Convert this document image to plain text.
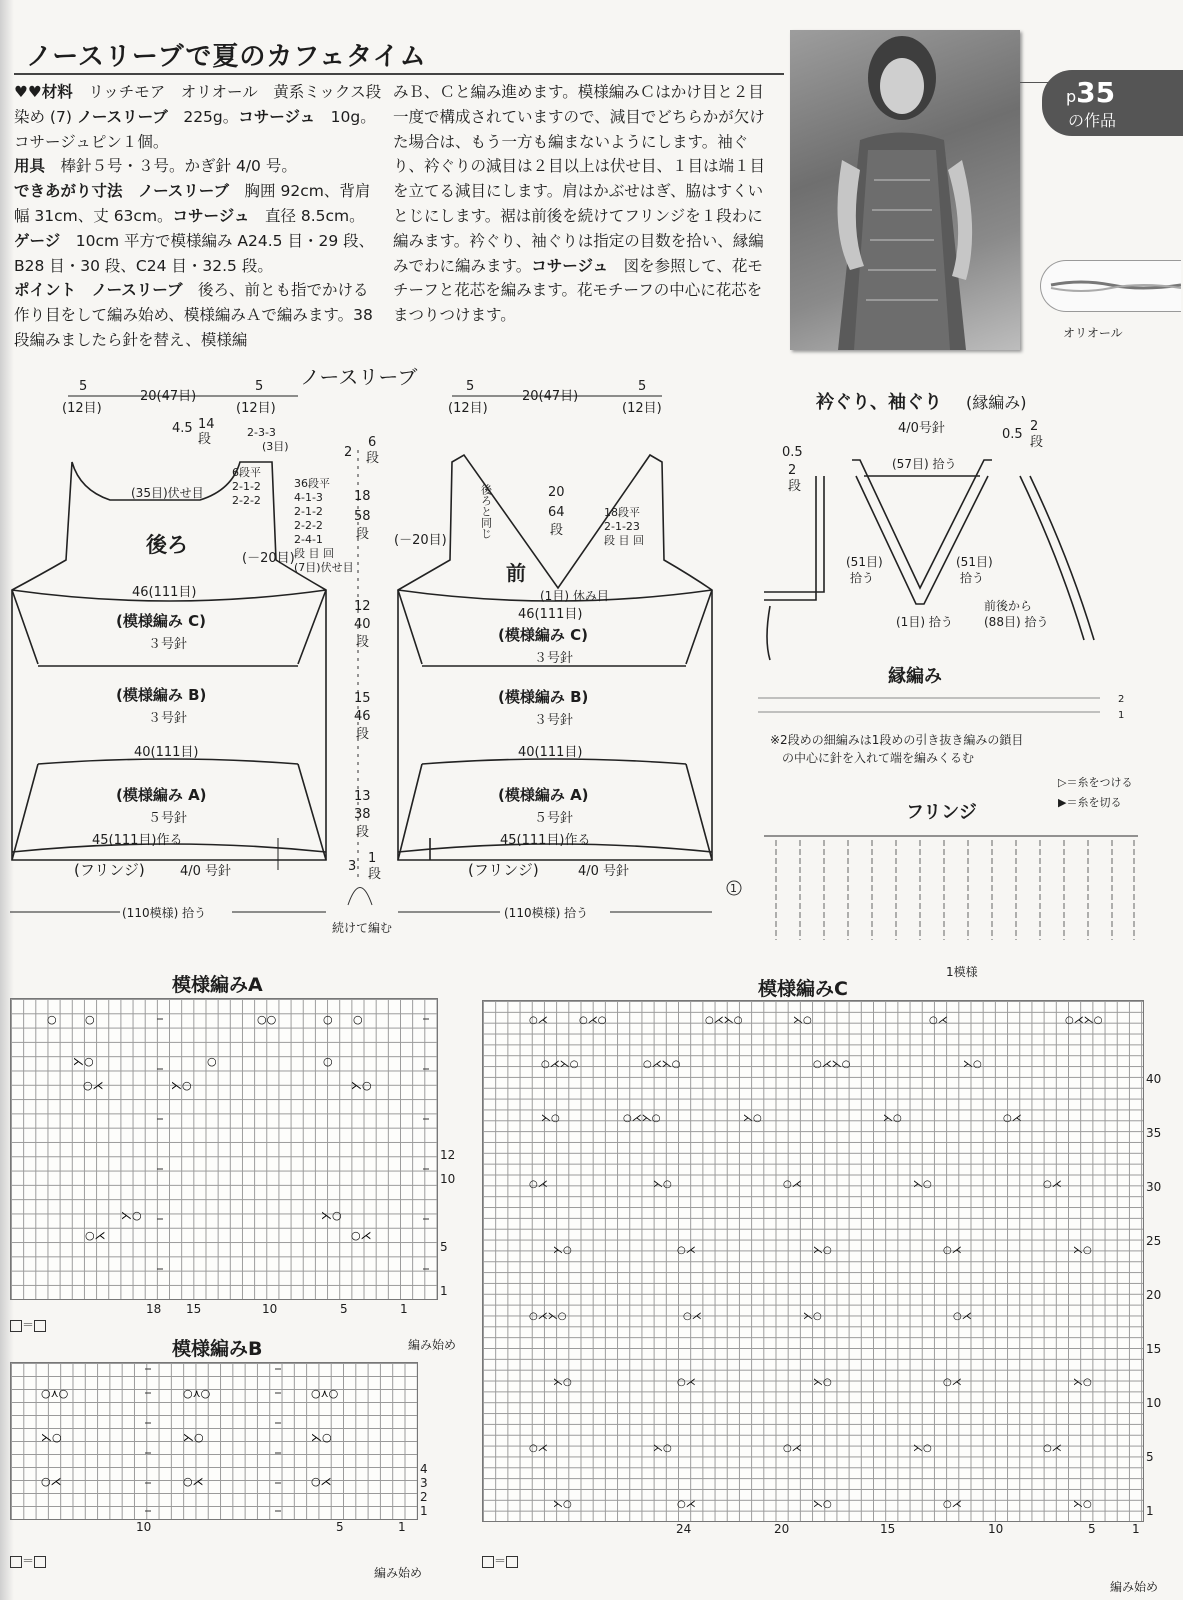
ノースリーブで夏のカフェタイム

♥♥材料　 リッチモア　オリオール　黄系ミックス段染め (7) ノースリーブ　 225g。コサージュ　 10g。コサージュピン１個。

用具　 棒針５号・３号。かぎ針 4/0 号。

できあがり寸法　 ノースリーブ　 胸囲 92cm、背肩幅 31cm、丈 63cm。コサージュ　 直径 8.5cm。

ゲージ　 10cm 平方で模様編み A24.5 目・29 段、B28 目・30 段、C24 目・32.5 段。

ポイント　 ノースリーブ　 後ろ、前とも指でかける作り目をして編み始め、模様編みＡで編みます。38 段編みましたら針を替え、模様編

みＢ、Ｃと編み進めます。模様編みＣはかけ目と２目一度で構成されていますので、減目でどちらかが欠けた場合は、もう一方も編まないようにします。袖ぐり、衿ぐりの減目は２目以上は伏せ目、１目は端１目を立てる減目にします。肩はかぶせはぎ、脇はすくいとじにします。裾は前後を続けてフリンジを１段わに編みます。衿ぐり、袖ぐりは指定の目数を拾い、縁編みでわに編みます。コサージュ　 図を参照して、花モチーフと花芯を編みます。花モチーフの中心に花芯をまつりつけます。

p35
の作品
オリオール
ノースリーブ
5
(12目)
20(47目)
5
(12目)
4.5 14
段	2-3-3
(3目)
(35目)伏せ目
6段平
2-1-2
2-2-2
36段平
4-1-3
2-1-2
2-2-2
2-4-1
段 目 回
(7目)伏せ目
後ろ
(－20目)
46(111目)
(模様編み C)
３号針
(模様編み B)
３号針
40(111目)
(模様編み A)
５号針
45(111目)作る
(フリンジ)	4/0 号針
(110模様) 拾う
2
6
段
18
58
段
12
40
段
15
46
段
13
38
段
3
1
段
続けて編む
5
(12目)
20(47目)
5
(12目)
20
64
段
後ろと同じ	18段平
2-1-23
段 目 回
(－20目)
前
(1目) 休み目
46(111目)
(模様編み C)
３号針
(模様編み B)
３号針
40(111目)
(模様編み A)
５号針
45(111目)作る
(フリンジ)	4/0 号針
(110模様) 拾う
衿ぐり、袖ぐり (縁編み)
4/0号針
0.5
2
段
0.5
2
段
(57目) 拾う
(51目)
拾う
(51目)
拾う
(1目) 拾う
前後から
(88目) 拾う
縁編み
2
1
※2段めの細編みは1段めの引き抜き編みの鎖目
の中心に針を入れて端を編みくるむ
▷＝糸をつける
▶＝糸を切る
フリンジ
1
1模様
模様編みA
○	○	○○	○ ○
⋋○	○	○
○⋌	⋋○	⋋○
⋋○	⋋○
○⋌	○⋌
18 15	10	5	1
12
10
5
1
＝
編み始め
模様編みB
○⋏○	○⋏○	○⋏○
⋋○	⋋○	⋋○
○⋌	○⋌	○⋌
10	5	1
4
3
2
1
＝
編み始め
模様編みC
○⋌	○⋌○	○⋌⋋○	⋋○	○⋌	○⋌⋋○
○⋌⋋○	○⋌⋋○	○⋌⋋○	⋋○
⋋○	○⋌⋋○	⋋○	⋋○	○⋌
○⋌	⋋○	○⋌	⋋○	○⋌
⋋○	○⋌	⋋○	○⋌	⋋○
○⋌⋋○	○⋌	⋋○	○⋌
⋋○	○⋌	⋋○	○⋌	⋋○
○⋌	⋋○	○⋌	⋋○	○⋌
⋋○	○⋌	⋋○	○⋌	⋋○
24	20	15	10	5	1
40
35
30
25
20
15
10
5
1
＝
編み始め
